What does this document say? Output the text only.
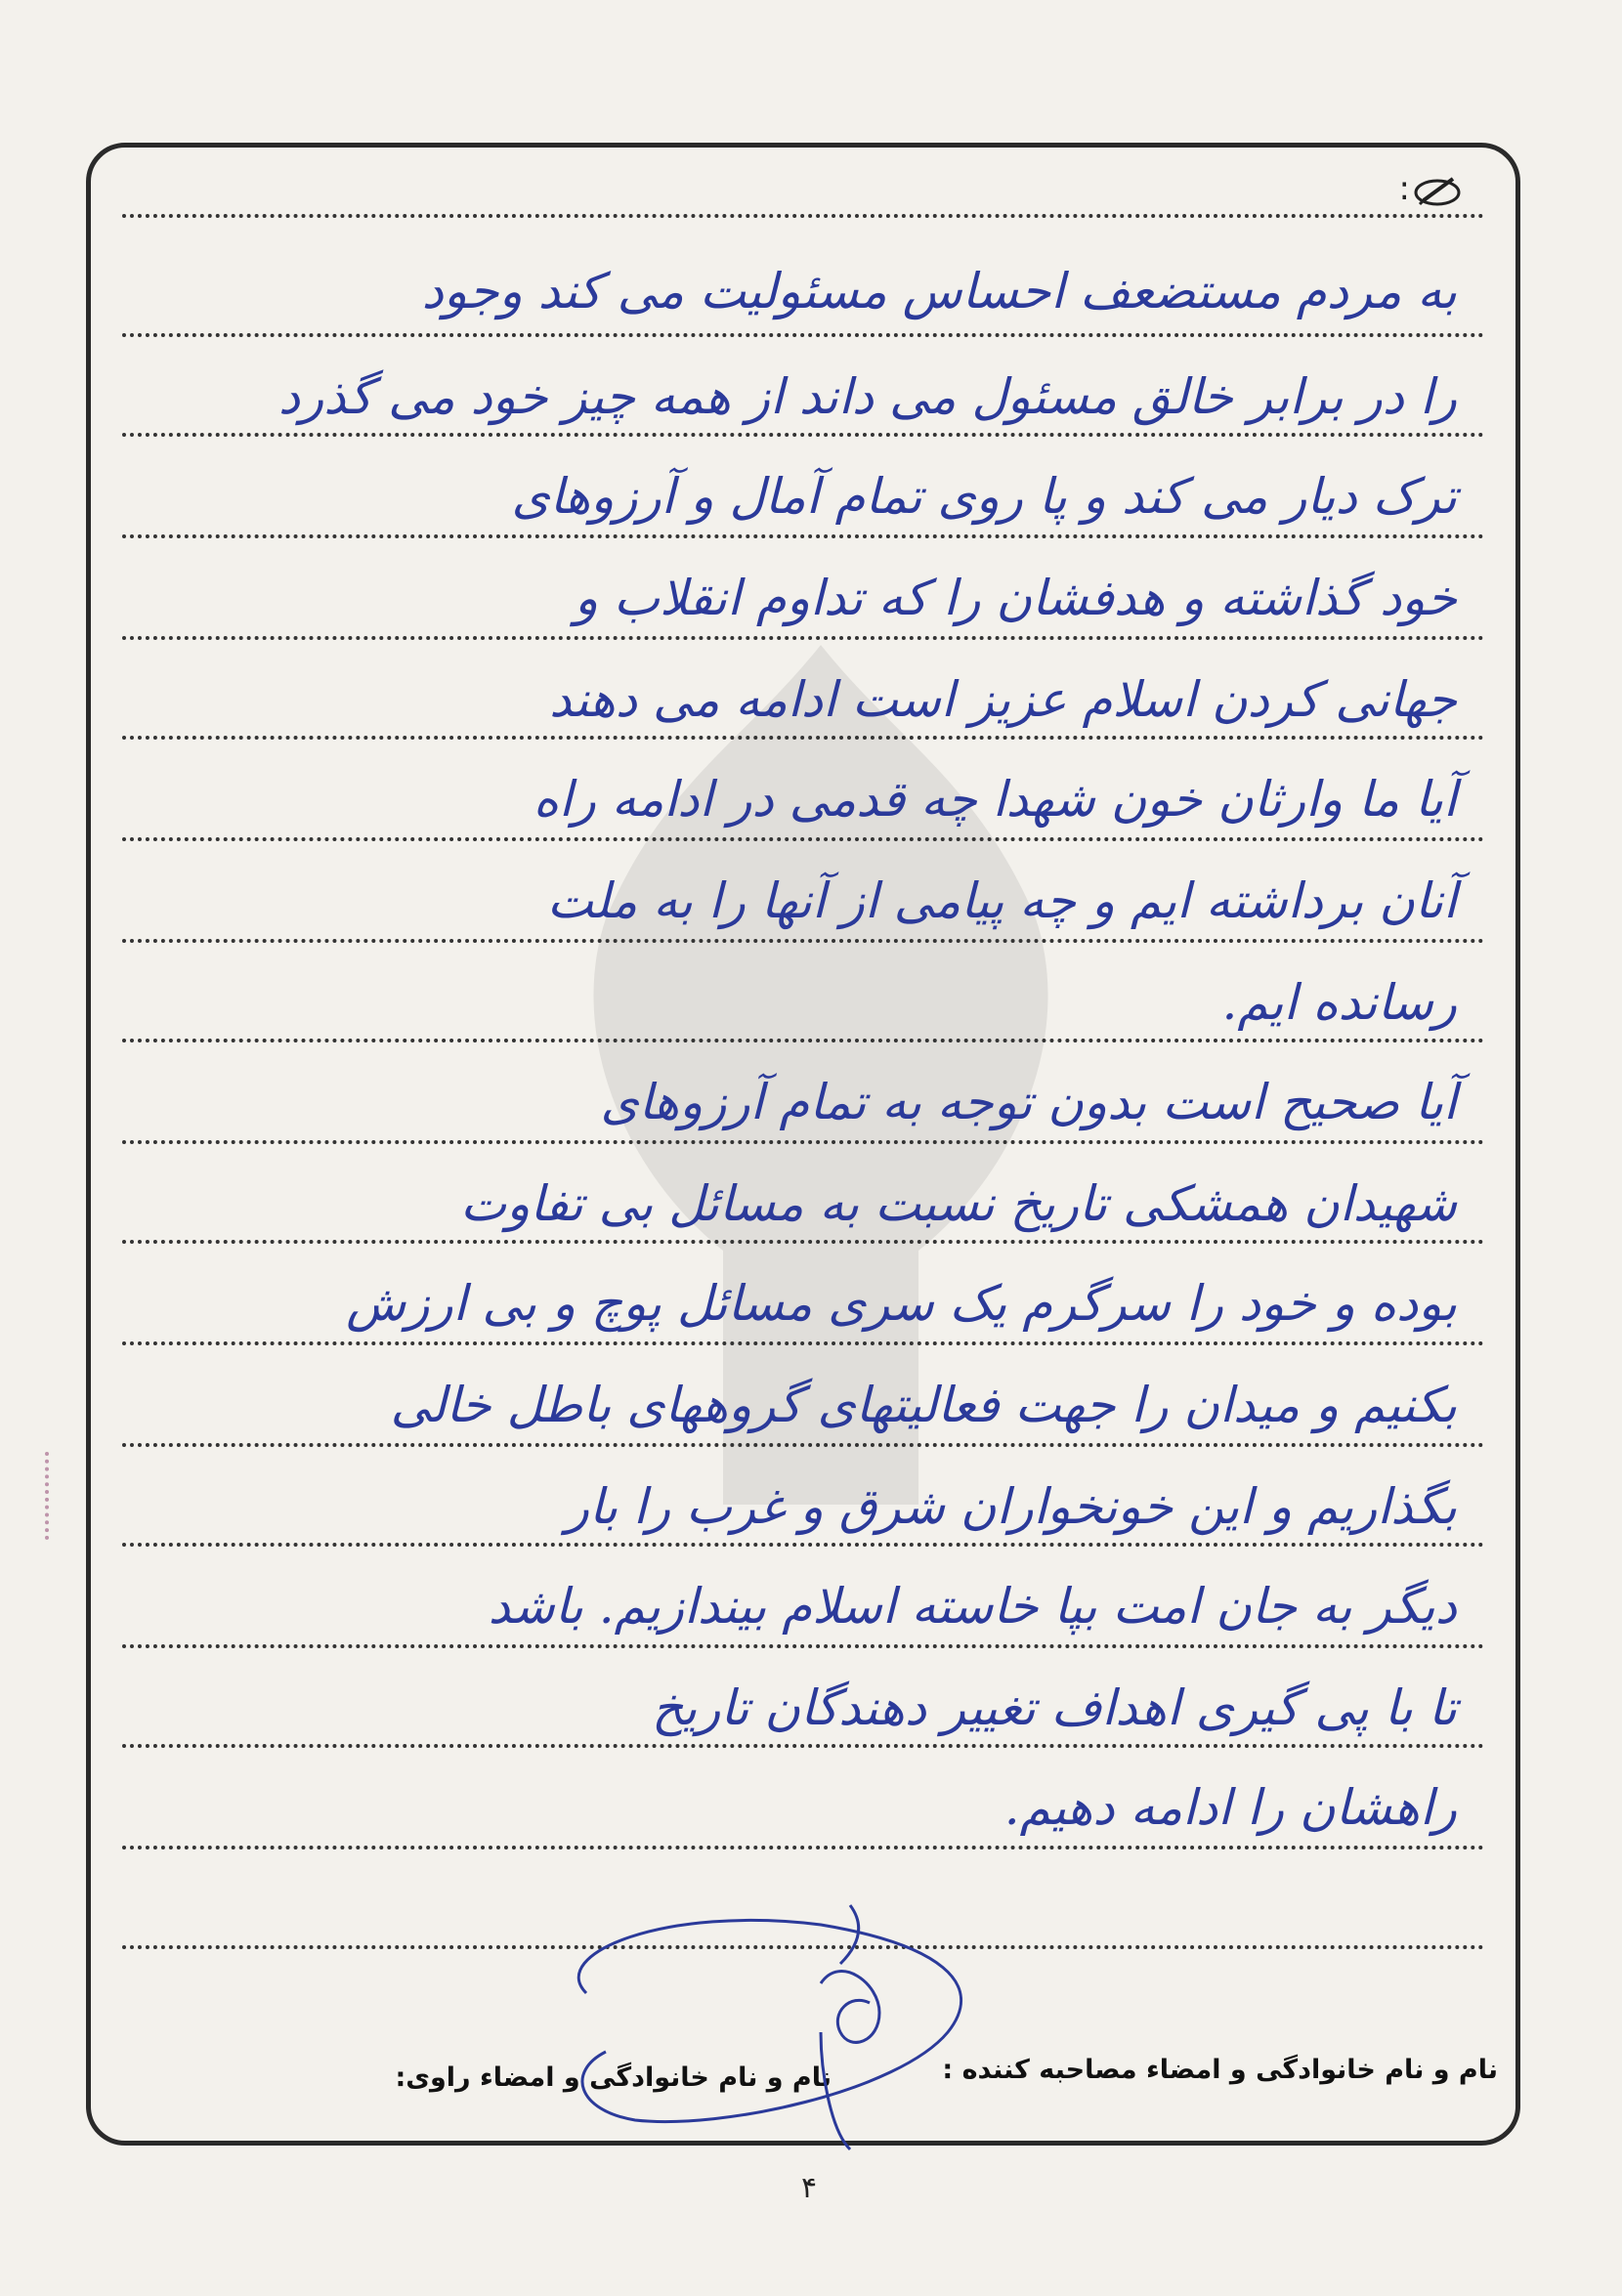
:
به مردم مستضعف احساس مسئولیت می کند وجود
را در برابر خالق مسئول می داند از همه چیز خود می گذرد
ترک دیار می کند و پا روی تمام آمال و آرزوهای
خود گذاشته و هدفشان را که تداوم انقلاب و
جهانی کردن اسلام عزیز است ادامه می دهند
آیا ما وارثان خون شهدا چه قدمی در ادامه راه
آنان برداشته ایم و چه پیامی از آنها را به ملت
رسانده ایم.
آیا صحیح است بدون توجه به تمام آرزوهای
شهیدان همشکی تاریخ نسبت به مسائل بی تفاوت
بوده و خود را سرگرم یک سری مسائل پوچ و بی ارزش
بکنیم و میدان را جهت فعالیتهای گروههای باطل خالی
بگذاریم و این خونخواران شرق و غرب را بار
دیگر به جان امت بپا خاسته اسلام بیندازیم. باشد
تا با پی گیری اهداف تغییر دهندگان تاریخ
راهشان را ادامه دهیم.
نام و نام خانوادگی و امضاء مصاحبه کننده :
نام و نام خانوادگی و امضاء راوی:
۴
